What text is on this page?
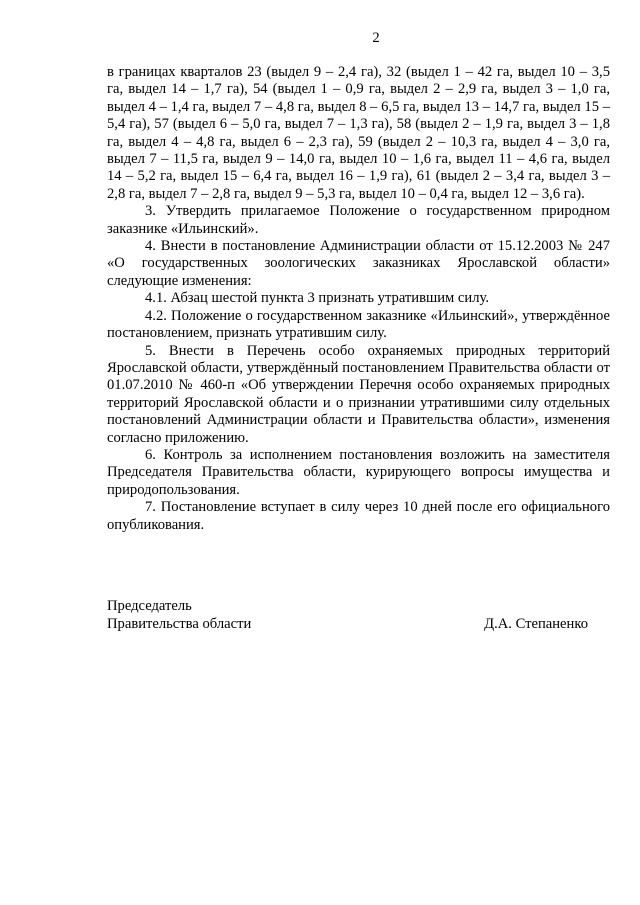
2

в границах кварталов 23 (выдел 9 – 2,4 га), 32 (выдел 1 – 42 га, выдел 10 – 3,5 га, выдел 14 – 1,7 га), 54 (выдел 1 – 0,9 га, выдел 2 – 2,9 га, выдел 3 – 1,0 га, выдел 4 – 1,4 га, выдел 7 – 4,8 га, выдел 8 – 6,5 га, выдел 13 – 14,7 га, выдел 15 – 5,4 га), 57 (выдел 6 – 5,0 га, выдел 7 – 1,3 га), 58 (выдел 2 – 1,9 га, выдел 3 – 1,8 га, выдел 4 – 4,8 га, выдел 6 – 2,3 га), 59 (выдел 2 – 10,3 га, выдел 4 – 3,0 га, выдел 7 – 11,5 га, выдел 9 – 14,0 га, выдел 10 – 1,6 га, выдел 11 – 4,6 га, выдел 14 – 5,2 га, выдел 15 – 6,4 га, выдел 16 – 1,9 га), 61 (выдел 2 – 3,4 га, выдел 3 – 2,8 га, выдел 7 – 2,8 га, выдел 9 – 5,3 га, выдел 10 – 0,4 га, выдел 12 – 3,6 га).

3. Утвердить прилагаемое Положение о государственном природном заказнике «Ильинский».

4. Внести в постановление Администрации области от 15.12.2003 № 247 «О государственных зоологических заказниках Ярославской области» следующие изменения:

4.1. Абзац шестой пункта 3 признать утратившим силу.

4.2. Положение о государственном заказнике «Ильинский», утверждённое постановлением, признать утратившим силу.

5. Внести в Перечень особо охраняемых природных территорий Ярославской области, утверждённый постановлением Правительства области от 01.07.2010 № 460-п «Об утверждении Перечня особо охраняемых природных территорий Ярославской области и о признании утратившими силу отдельных постановлений Администрации области и Правительства области», изменения согласно приложению.

6. Контроль за исполнением постановления возложить на заместителя Председателя Правительства области, курирующего вопросы имущества и природопользования.

7. Постановление вступает в силу через 10 дней после его официального опубликования.

Председатель
Правительства области	Д.А. Степаненко
